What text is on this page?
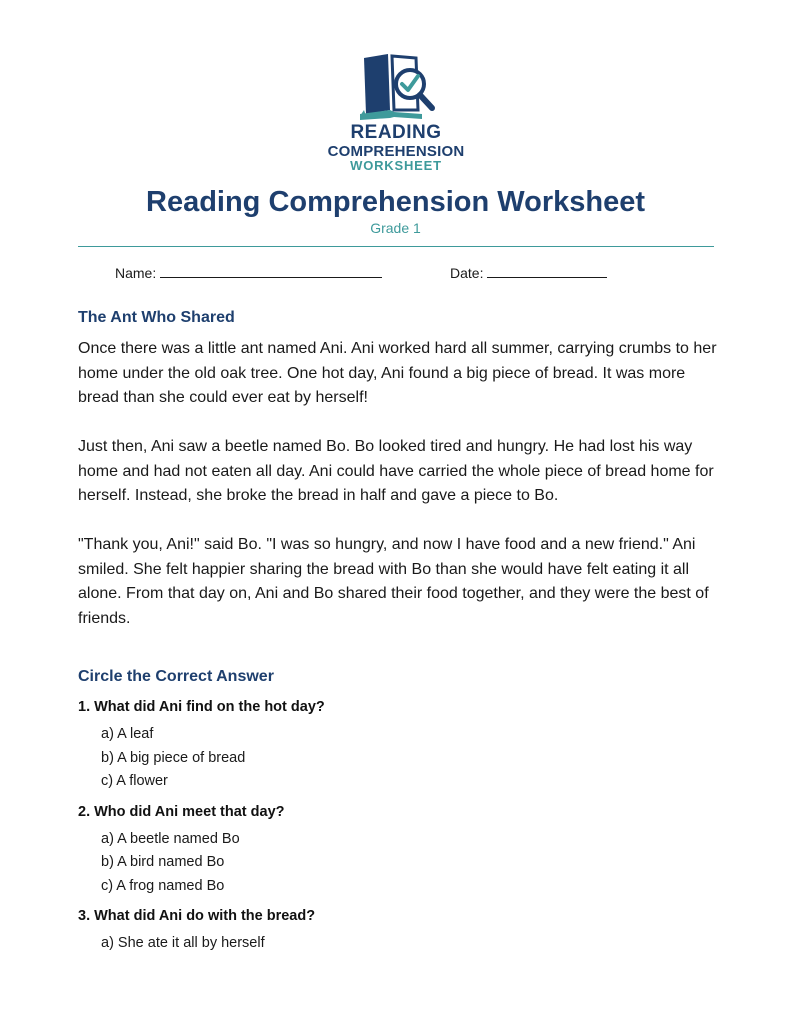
READING
COMPREHENSION
WORKSHEET
Reading Comprehension Worksheet
Grade 1
Name:	Date:
The Ant Who Shared

Once there was a little ant named Ani. Ani worked hard all summer, carrying crumbs to her home under the old oak tree. One hot day, Ani found a big piece of bread. It was more bread than she could ever eat by herself!

Just then, Ani saw a beetle named Bo. Bo looked tired and hungry. He had lost his way home and had not eaten all day. Ani could have carried the whole piece of bread home for herself. Instead, she broke the bread in half and gave a piece to Bo.

"Thank you, Ani!" said Bo. "I was so hungry, and now I have food and a new friend." Ani smiled. She felt happier sharing the bread with Bo than she would have felt eating it all alone. From that day on, Ani and Bo shared their food together, and they were the best of friends.

Circle the Correct Answer
1. What did Ani find on the hot day?
a) A leaf
b) A big piece of bread
c) A flower
2. Who did Ani meet that day?
a) A beetle named Bo
b) A bird named Bo
c) A frog named Bo
3. What did Ani do with the bread?
a) She ate it all by herself
